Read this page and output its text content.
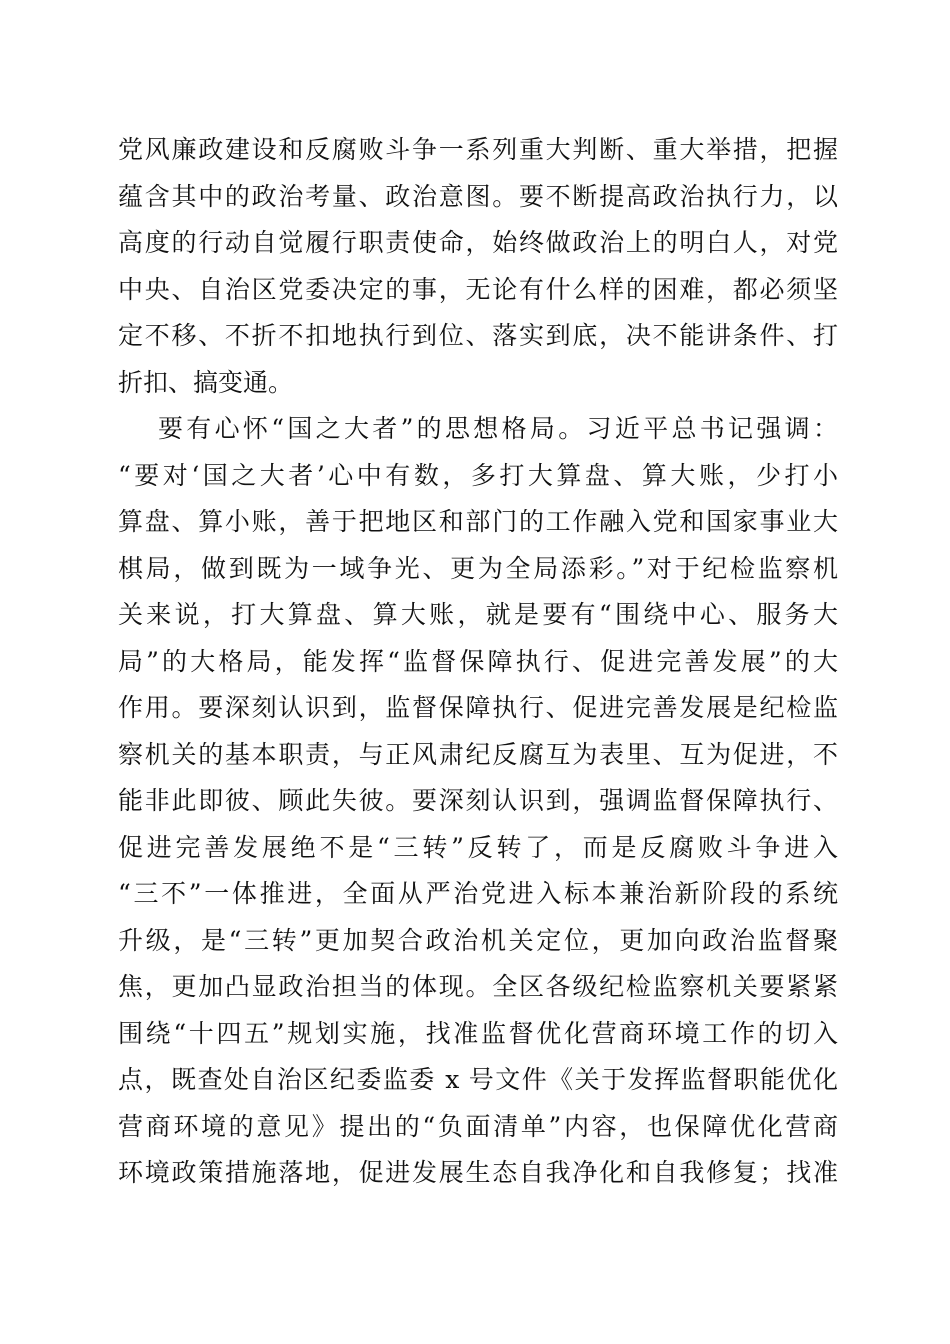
党风廉政建设和反腐败斗争一系列重大判断、重大举措，把握
蕴含其中的政治考量、政治意图。要不断提高政治执行力，以
高度的行动自觉履行职责使命，始终做政治上的明白人，对党
中央、自治区党委决定的事，无论有什么样的困难，都必须坚
定不移、不折不扣地执行到位、落实到底，决不能讲条件、打
折扣、搞变通。
要有心怀“国之大者”的思想格局。习近平总书记强调：
“要对‘国之大者’心中有数，多打大算盘、算大账，少打小
算盘、算小账，善于把地区和部门的工作融入党和国家事业大
棋局，做到既为一域争光、更为全局添彩。”对于纪检监察机
关来说，打大算盘、算大账，就是要有“围绕中心、服务大
局”的大格局，能发挥“监督保障执行、促进完善发展”的大
作用。要深刻认识到，监督保障执行、促进完善发展是纪检监
察机关的基本职责，与正风肃纪反腐互为表里、互为促进，不
能非此即彼、顾此失彼。要深刻认识到，强调监督保障执行、
促进完善发展绝不是“三转”反转了，而是反腐败斗争进入
“三不”一体推进，全面从严治党进入标本兼治新阶段的系统
升级，是“三转”更加契合政治机关定位，更加向政治监督聚
焦，更加凸显政治担当的体现。全区各级纪检监察机关要紧紧
围绕“十四五”规划实施，找准监督优化营商环境工作的切入
点，既查处自治区纪委监委 x 号文件《关于发挥监督职能优化
营商环境的意见》提出的“负面清单”内容，也保障优化营商
环境政策措施落地，促进发展生态自我净化和自我修复；找准
